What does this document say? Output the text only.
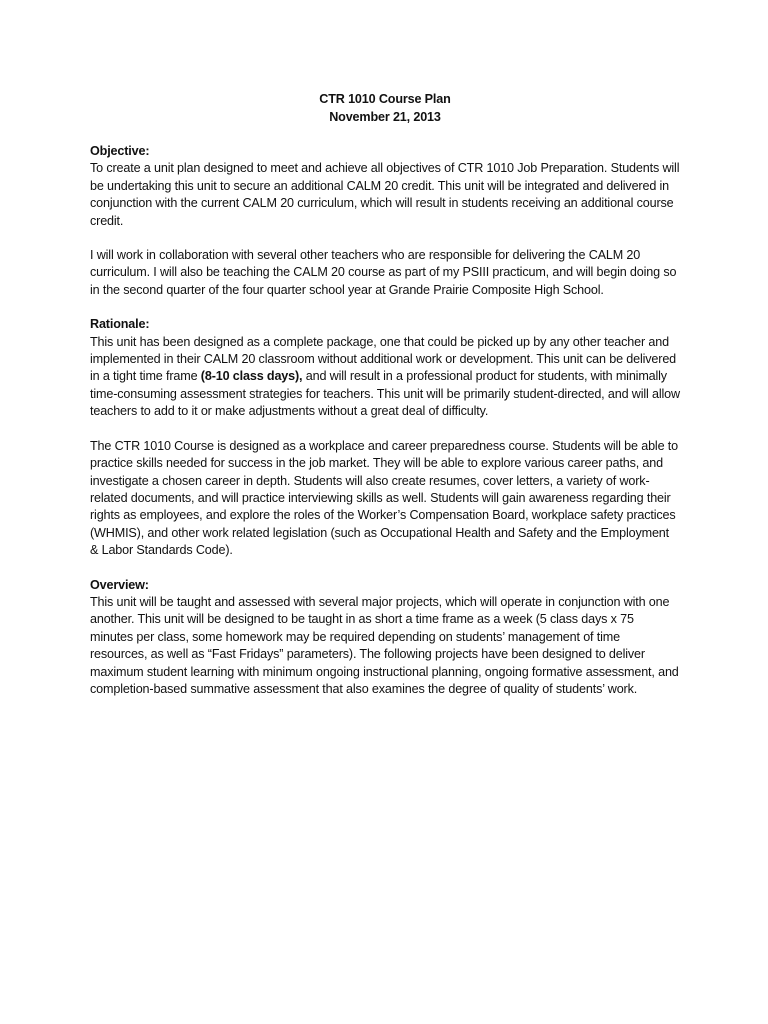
CTR 1010 Course Plan
November 21, 2013

Objective:

To create a unit plan designed to meet and achieve all objectives of CTR 1010 Job Preparation. Students will be undertaking this unit to secure an additional CALM 20 credit. This unit will be integrated and delivered in conjunction with the current CALM 20 curriculum, which will result in students receiving an additional course credit.

I will work in collaboration with several other teachers who are responsible for delivering the CALM 20 curriculum. I will also be teaching the CALM 20 course as part of my PSIII practicum, and will begin doing so in the second quarter of the four quarter school year at Grande Prairie Composite High School.

Rationale:

This unit has been designed as a complete package, one that could be picked up by any other teacher and implemented in their CALM 20 classroom without additional work or development. This unit can be delivered in a tight time frame (8-10 class days), and will result in a professional product for students, with minimally time-consuming assessment strategies for teachers. This unit will be primarily student-directed, and will allow teachers to add to it or make adjustments without a great deal of difficulty.

The CTR 1010 Course is designed as a workplace and career preparedness course. Students will be able to practice skills needed for success in the job market. They will be able to explore various career paths, and investigate a chosen career in depth. Students will also create resumes, cover letters, a variety of work-related documents, and will practice interviewing skills as well. Students will gain awareness regarding their rights as employees, and explore the roles of the Worker’s Compensation Board, workplace safety practices (WHMIS), and other work related legislation (such as Occupational Health and Safety and the Employment & Labor Standards Code).

Overview:

This unit will be taught and assessed with several major projects, which will operate in conjunction with one another. This unit will be designed to be taught in as short a time frame as a week (5 class days x 75 minutes per class, some homework may be required depending on students’ management of time resources, as well as “Fast Fridays” parameters). The following projects have been designed to deliver maximum student learning with minimum ongoing instructional planning, ongoing formative assessment, and completion-based summative assessment that also examines the degree of quality of students’ work.
